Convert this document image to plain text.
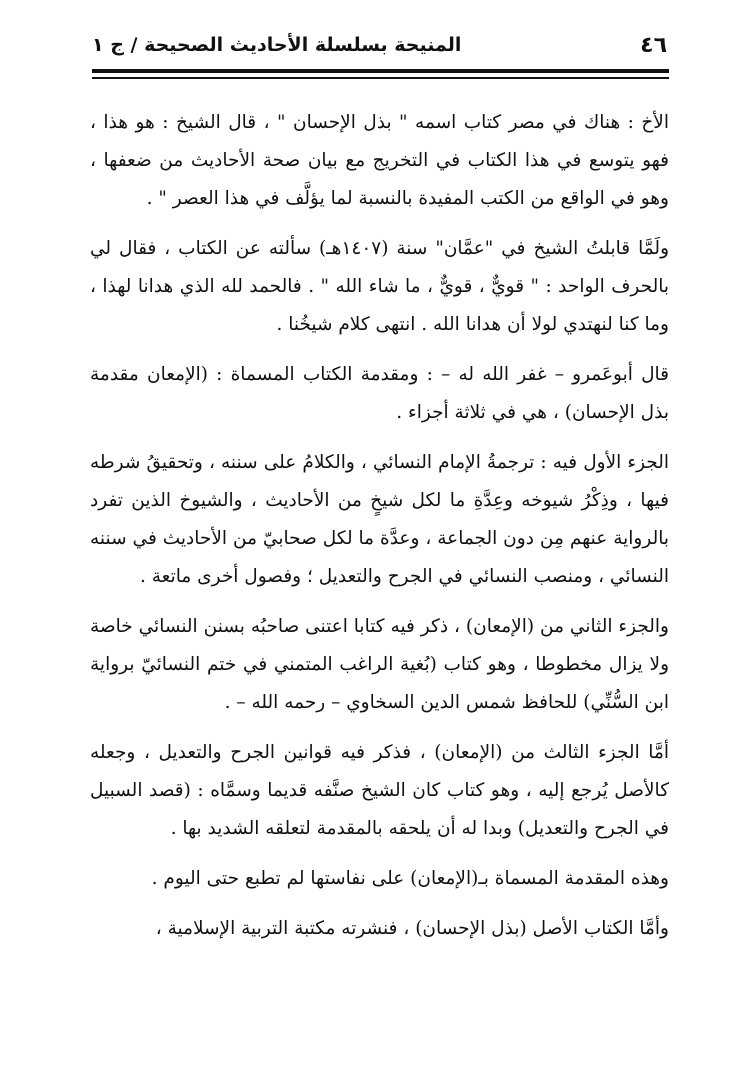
٤٦
المنيحة بسلسلة الأحاديث الصحيحة / ج ١

الأخ : هناك في مصر كتاب اسمه " بذل الإحسان " ، قال الشيخ : هو هذا ، فهو يتوسع في هذا الكتاب في التخريج مع بيان صحة الأحاديث من ضعفها ، وهو في الواقع من الكتب المفيدة بالنسبة لما يؤلَّف في هذا العصر " .

ولَمَّا قابلتُ الشيخ في "عمَّان" سنة (١٤٠٧هـ) سألته عن الكتاب ، فقال لي بالحرف الواحد : " قويٌّ ، قويٌّ ، ما شاء الله " . فالحمد لله الذي هدانا لهذا ، وما كنا لنهتدي لولا أن هدانا الله . انتهى كلام شيخُنا .

قال أبوعَمرو – غفر الله له – : ومقدمة الكتاب المسماة : (الإمعان مقدمة بذل الإحسان) ، هي في ثلاثة أجزاء .

الجزء الأول فيه : ترجمةُ الإمام النسائي ، والكلامُ على سننه ، وتحقيقُ شرطه فيها ، وذِكْرُ شيوخه وعِدَّةِ ما لكل شيخٍ من الأحاديث ، والشيوخ الذين تفرد بالرواية عنهم مِن دون الجماعة ، وعدَّة ما لكل صحابيّ من الأحاديث في سننه النسائي ، ومنصب النسائي في الجرح والتعديل ؛ وفصول أخرى ماتعة .

والجزء الثاني من (الإمعان) ، ذكر فيه كتابا اعتنى صاحبُه بسنن النسائي خاصة ولا يزال مخطوطا ، وهو كتاب (بُغية الراغب المتمني في ختم النسائيّ برواية ابن السُّنِّي) للحافظ شمس الدين السخاوي – رحمه الله – .

أمَّا الجزء الثالث من (الإمعان) ، فذكر فيه قوانين الجرح والتعديل ، وجعله كالأصل يُرجع إليه ، وهو كتاب كان الشيخ صنَّفه قديما وسمَّاه : (قصد السبيل في الجرح والتعديل) وبدا له أن يلحقه بالمقدمة لتعلقه الشديد بها .

وهذه المقدمة المسماة بـ(الإمعان) على نفاستها لم تطبع حتى اليوم .

وأمَّا الكتاب الأصل (بذل الإحسان) ، فنشرته مكتبة التربية الإسلامية ،
